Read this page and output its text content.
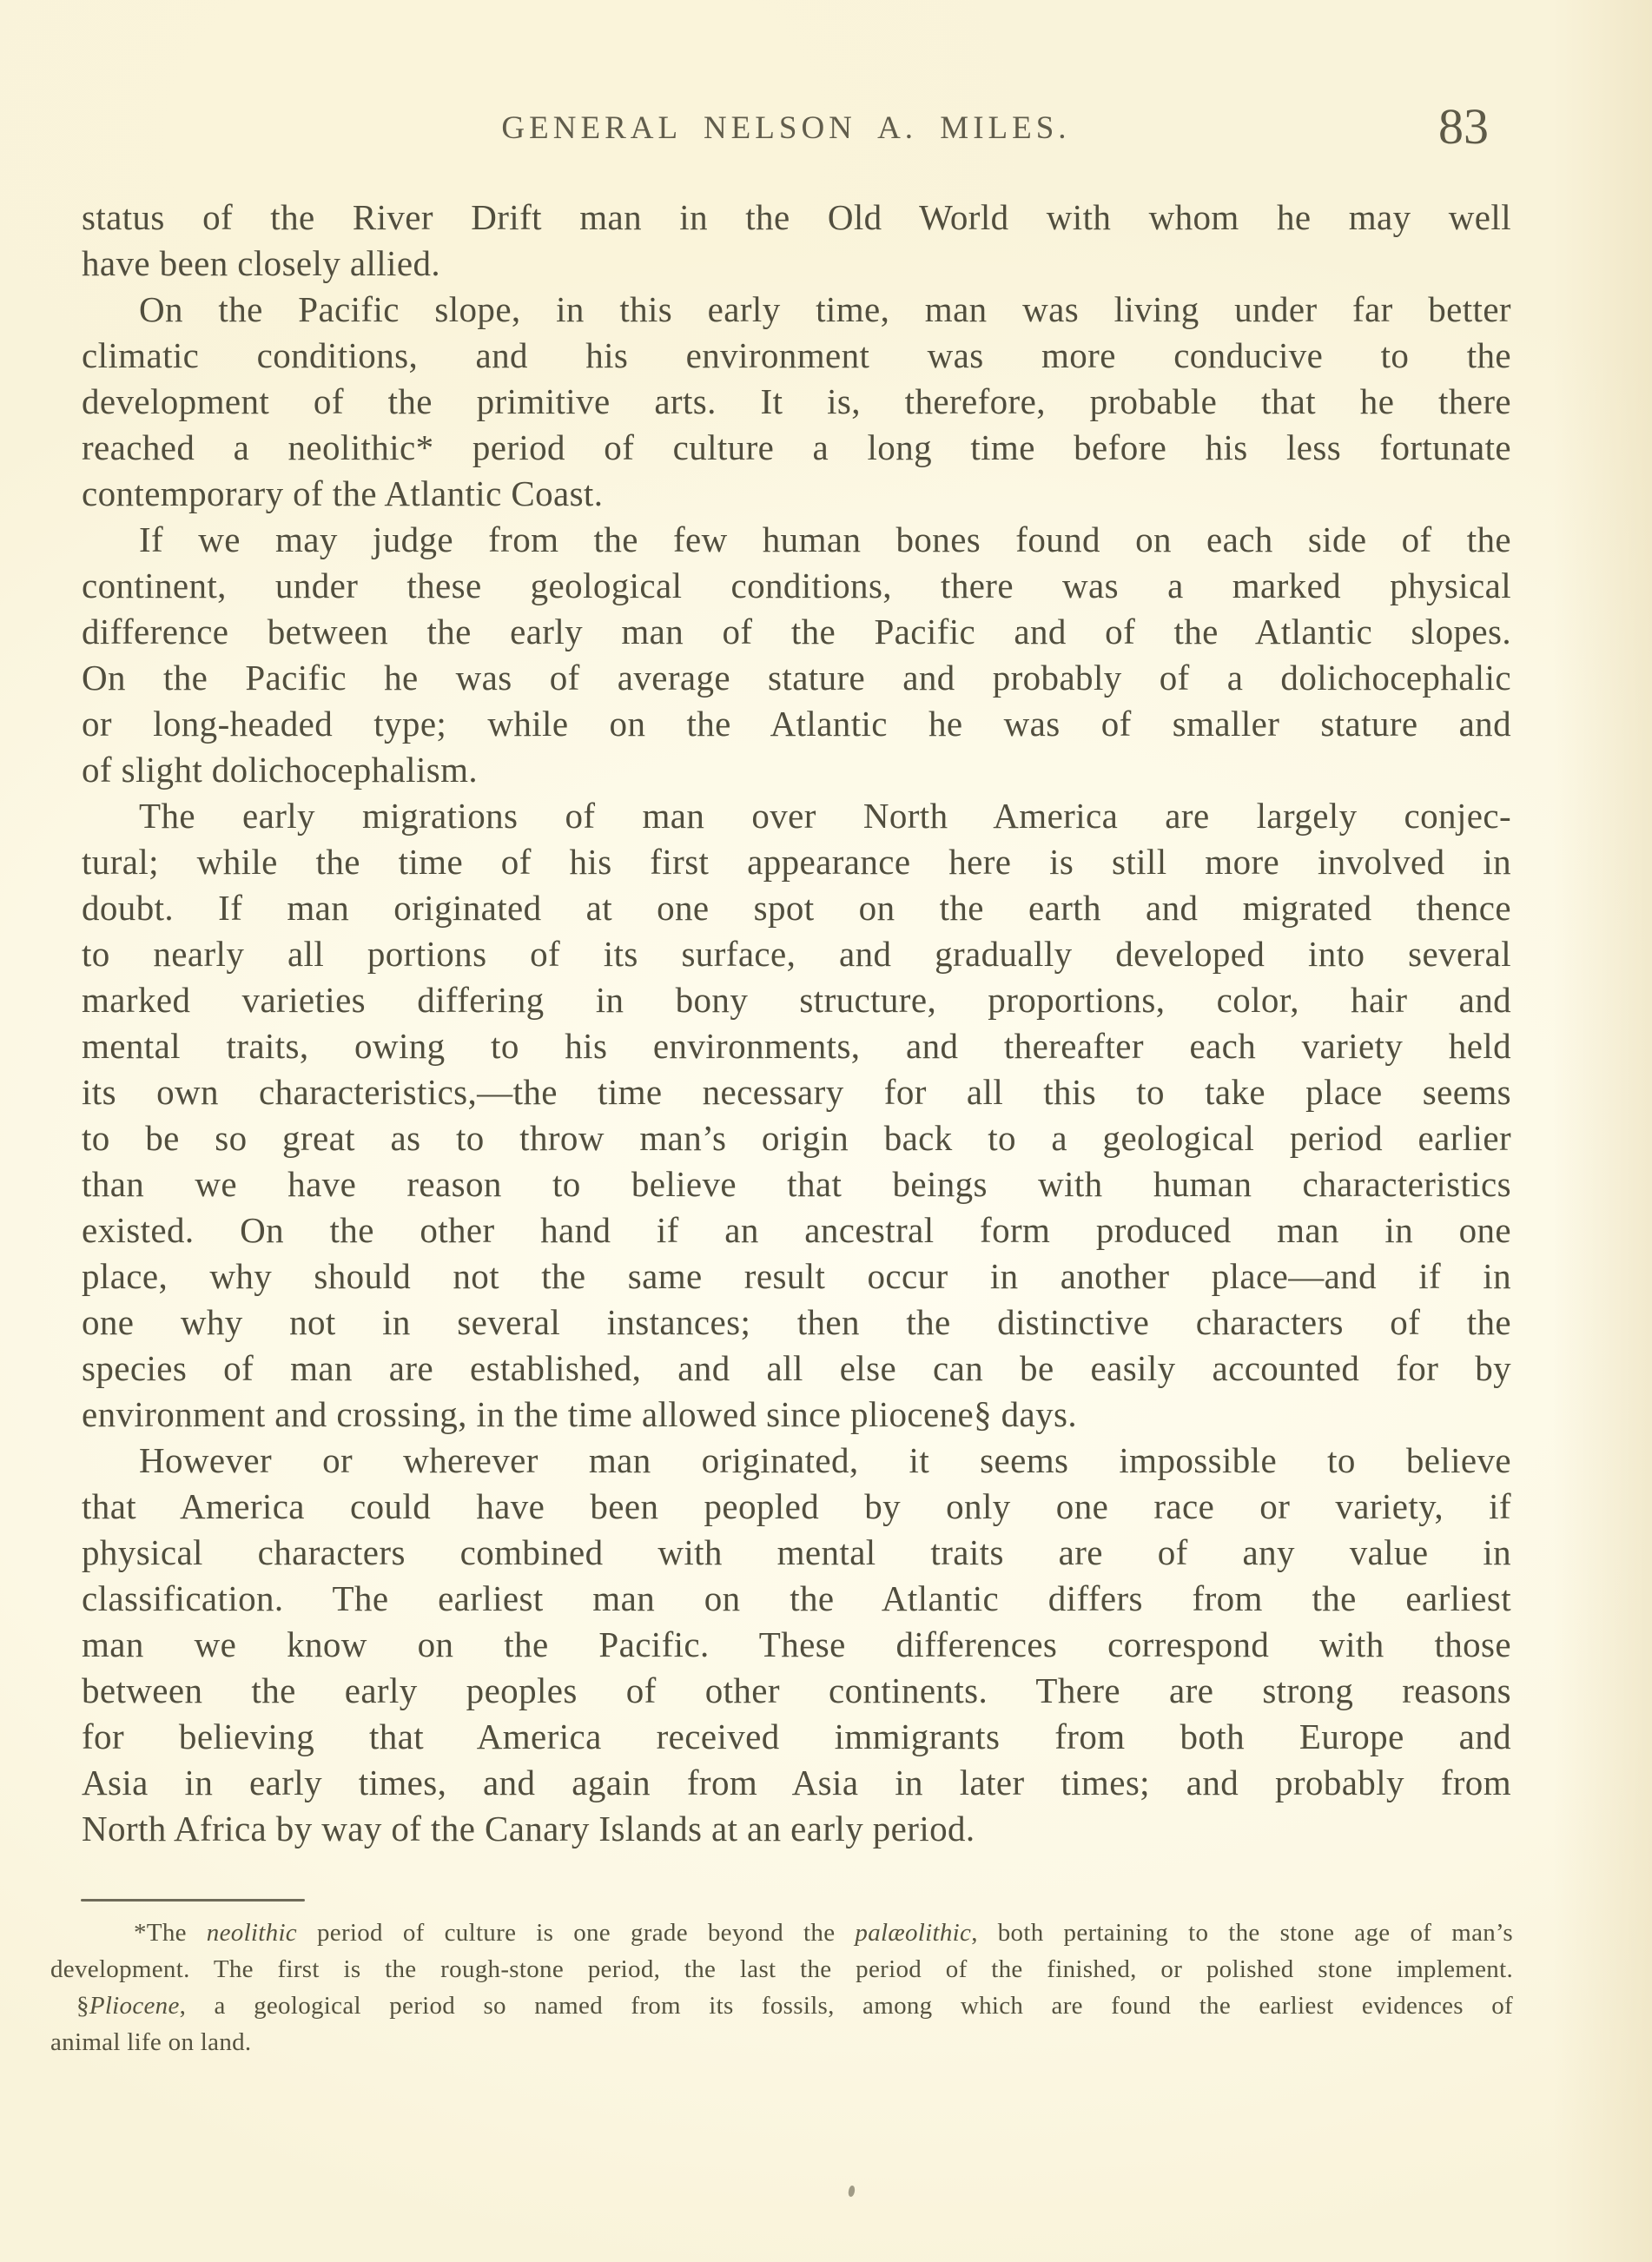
GENERAL NELSON A. MILES.	83
status of the River Drift man in the Old World with whom he may well
have been closely allied.
On the Pacific slope, in this early time, man was living under far better
climatic conditions, and his environment was more conducive to the
development of the primitive arts. It is, therefore, probable that he there
reached a neolithic* period of culture a long time before his less fortunate
contemporary of the Atlantic Coast.
If we may judge from the few human bones found on each side of the
continent, under these geological conditions, there was a marked physical
difference between the early man of the Pacific and of the Atlantic slopes.
On the Pacific he was of average stature and probably of a dolichocephalic
or long-headed type; while on the Atlantic he was of smaller stature and
of slight dolichocephalism.
The early migrations of man over North America are largely conjec-
tural; while the time of his first appearance here is still more involved in
doubt. If man originated at one spot on the earth and migrated thence
to nearly all portions of its surface, and gradually developed into several
marked varieties differing in bony structure, proportions, color, hair and
mental traits, owing to his environments, and thereafter each variety held
its own characteristics,—the time necessary for all this to take place seems
to be so great as to throw man’s origin back to a geological period earlier
than we have reason to believe that beings with human characteristics
existed. On the other hand if an ancestral form produced man in one
place, why should not the same result occur in another place—and if in
one why not in several instances; then the distinctive characters of the
species of man are established, and all else can be easily accounted for by
environment and crossing, in the time allowed since pliocene§ days.
However or wherever man originated, it seems impossible to believe
that America could have been peopled by only one race or variety, if
physical characters combined with mental traits are of any value in
classification. The earliest man on the Atlantic differs from the earliest
man we know on the Pacific. These differences correspond with those
between the early peoples of other continents. There are strong reasons
for believing that America received immigrants from both Europe and
Asia in early times, and again from Asia in later times; and probably from
North Africa by way of the Canary Islands at an early period.
*The neolithic period of culture is one grade beyond the palæolithic, both pertaining to the stone age of man’s
development. The first is the rough-stone period, the last the period of the finished, or polished stone implement.
§Pliocene, a geological period so named from its fossils, among which are found the earliest evidences of
animal life on land.
